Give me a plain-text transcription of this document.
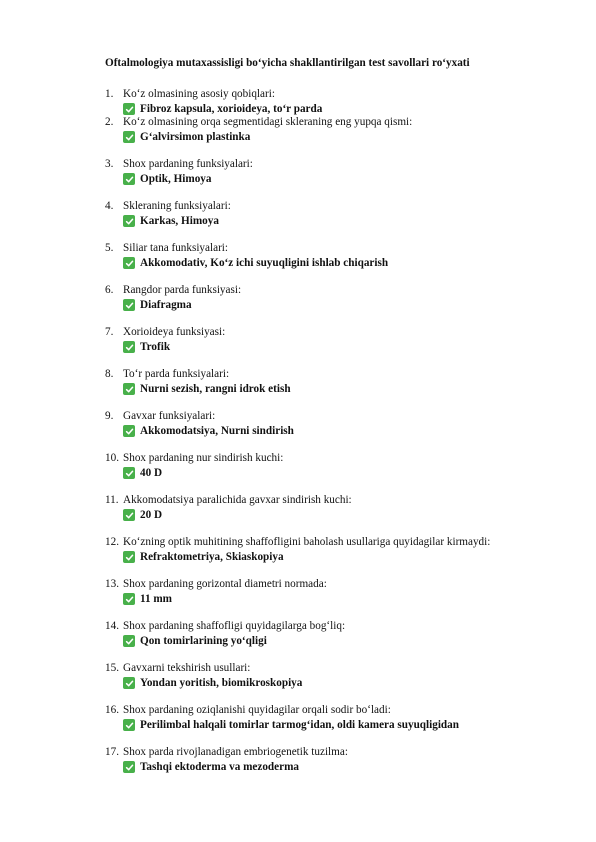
Oftalmologiya mutaxassisligi bo‘yicha shakllantirilgan test savollari ro‘yxati
1. Ko‘z olmasining asosiy qobiqlari:
Fibroz kapsula, xorioideya, to‘r parda
2. Ko‘z olmasining orqa segmentidagi skleraning eng yupqa qismi:
G‘alvirsimon plastinka
3. Shox pardaning funksiyalari:
Optik, Himoya
4. Skleraning funksiyalari:
Karkas, Himoya
5. Siliar tana funksiyalari:
Akkomodativ, Ko‘z ichi suyuqligini ishlab chiqarish
6. Rangdor parda funksiyasi:
Diafragma
7. Xorioideya funksiyasi:
Trofik
8. To‘r parda funksiyalari:
Nurni sezish, rangni idrok etish
9. Gavxar funksiyalari:
Akkomodatsiya, Nurni sindirish
10. Shox pardaning nur sindirish kuchi:
40 D
11. Akkomodatsiya paralichida gavxar sindirish kuchi:
20 D
12. Ko‘zning optik muhitining shaffofligini baholash usullariga quyidagilar kirmaydi:
Refraktometriya, Skiaskopiya
13. Shox pardaning gorizontal diametri normada:
11 mm
14. Shox pardaning shaffofligi quyidagilarga bog‘liq:
Qon tomirlarining yo‘qligi
15. Gavxarni tekshirish usullari:
Yondan yoritish, biomikroskopiya
16. Shox pardaning oziqlanishi quyidagilar orqali sodir bo‘ladi:
Perilimbal halqali tomirlar tarmog‘idan, oldi kamera suyuqligidan
17. Shox parda rivojlanadigan embriogenetik tuzilma:
Tashqi ektoderma va mezoderma
